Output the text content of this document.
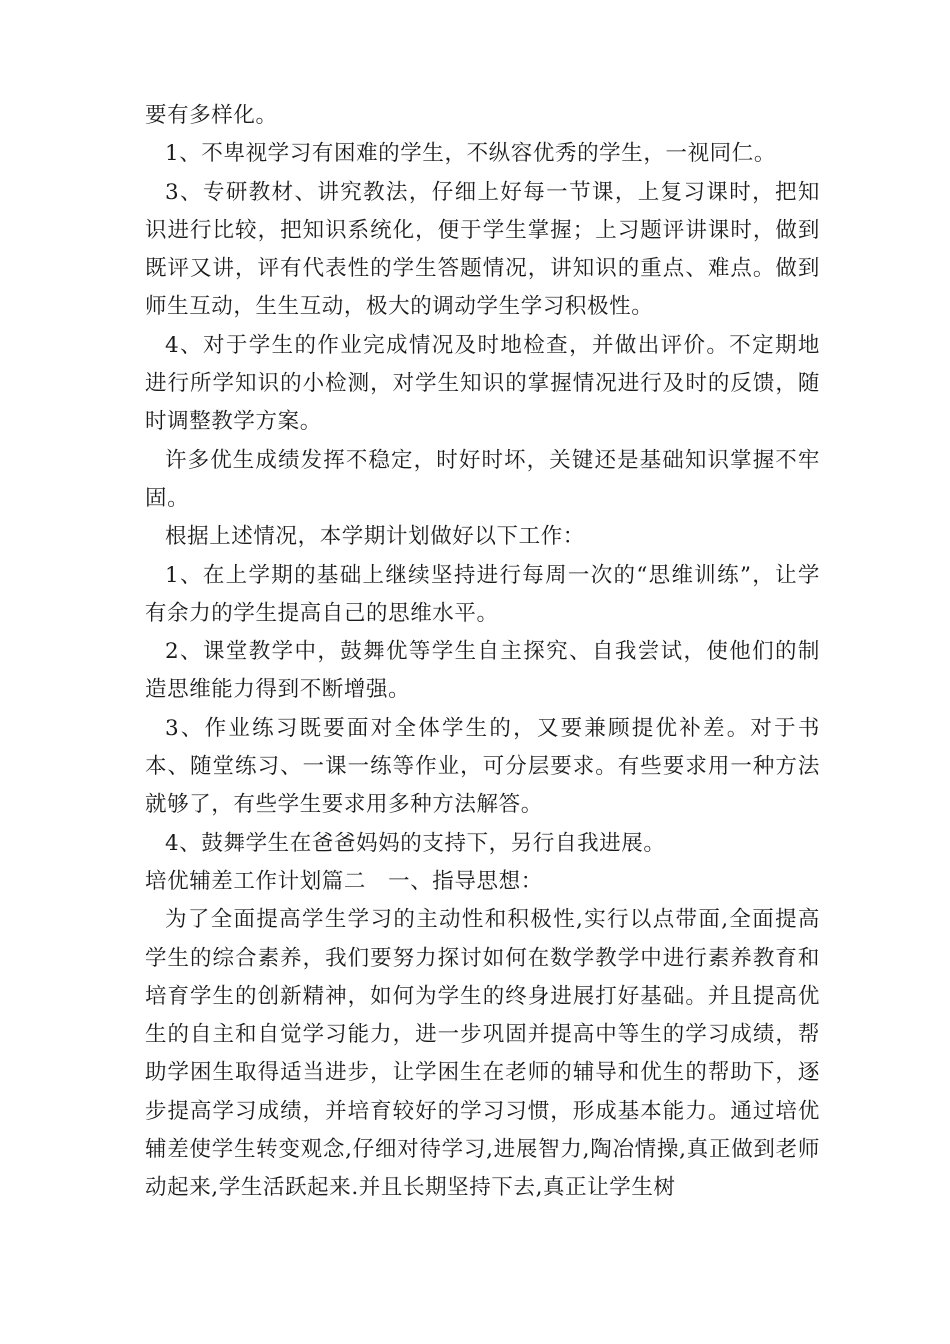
要有多样化。

1、不卑视学习有困难的学生，不纵容优秀的学生，一视同仁。

3、专研教材、讲究教法，仔细上好每一节课，上复习课时，把知识进行比较，把知识系统化，便于学生掌握；上习题评讲课时，做到既评又讲，评有代表性的学生答题情况，讲知识的重点、难点。做到师生互动，生生互动，极大的调动学生学习积极性。

4、对于学生的作业完成情况及时地检查，并做出评价。不定期地进行所学知识的小检测，对学生知识的掌握情况进行及时的反馈，随时调整教学方案。

许多优生成绩发挥不稳定，时好时坏，关键还是基础知识掌握不牢固。

根据上述情况，本学期计划做好以下工作：

1、在上学期的基础上继续坚持进行每周一次的“思维训练”，让学有余力的学生提高自己的思维水平。

2、课堂教学中，鼓舞优等学生自主探究、自我尝试，使他们的制造思维能力得到不断增强。

3、作业练习既要面对全体学生的，又要兼顾提优补差。对于书本、随堂练习、一课一练等作业，可分层要求。有些要求用一种方法就够了，有些学生要求用多种方法解答。

4、鼓舞学生在爸爸妈妈的支持下，另行自我进展。

培优辅差工作计划篇二　一、指导思想：

为了全面提高学生学习的主动性和积极性,实行以点带面,全面提高学生的综合素养，我们要努力探讨如何在数学教学中进行素养教育和培育学生的创新精神，如何为学生的终身进展打好基础。并且提高优生的自主和自觉学习能力，进一步巩固并提高中等生的学习成绩，帮助学困生取得适当进步，让学困生在老师的辅导和优生的帮助下，逐步提高学习成绩，并培育较好的学习习惯，形成基本能力。通过培优辅差使学生转变观念,仔细对待学习,进展智力,陶冶情操,真正做到老师动起来,学生活跃起来.并且长期坚持下去,真正让学生树
